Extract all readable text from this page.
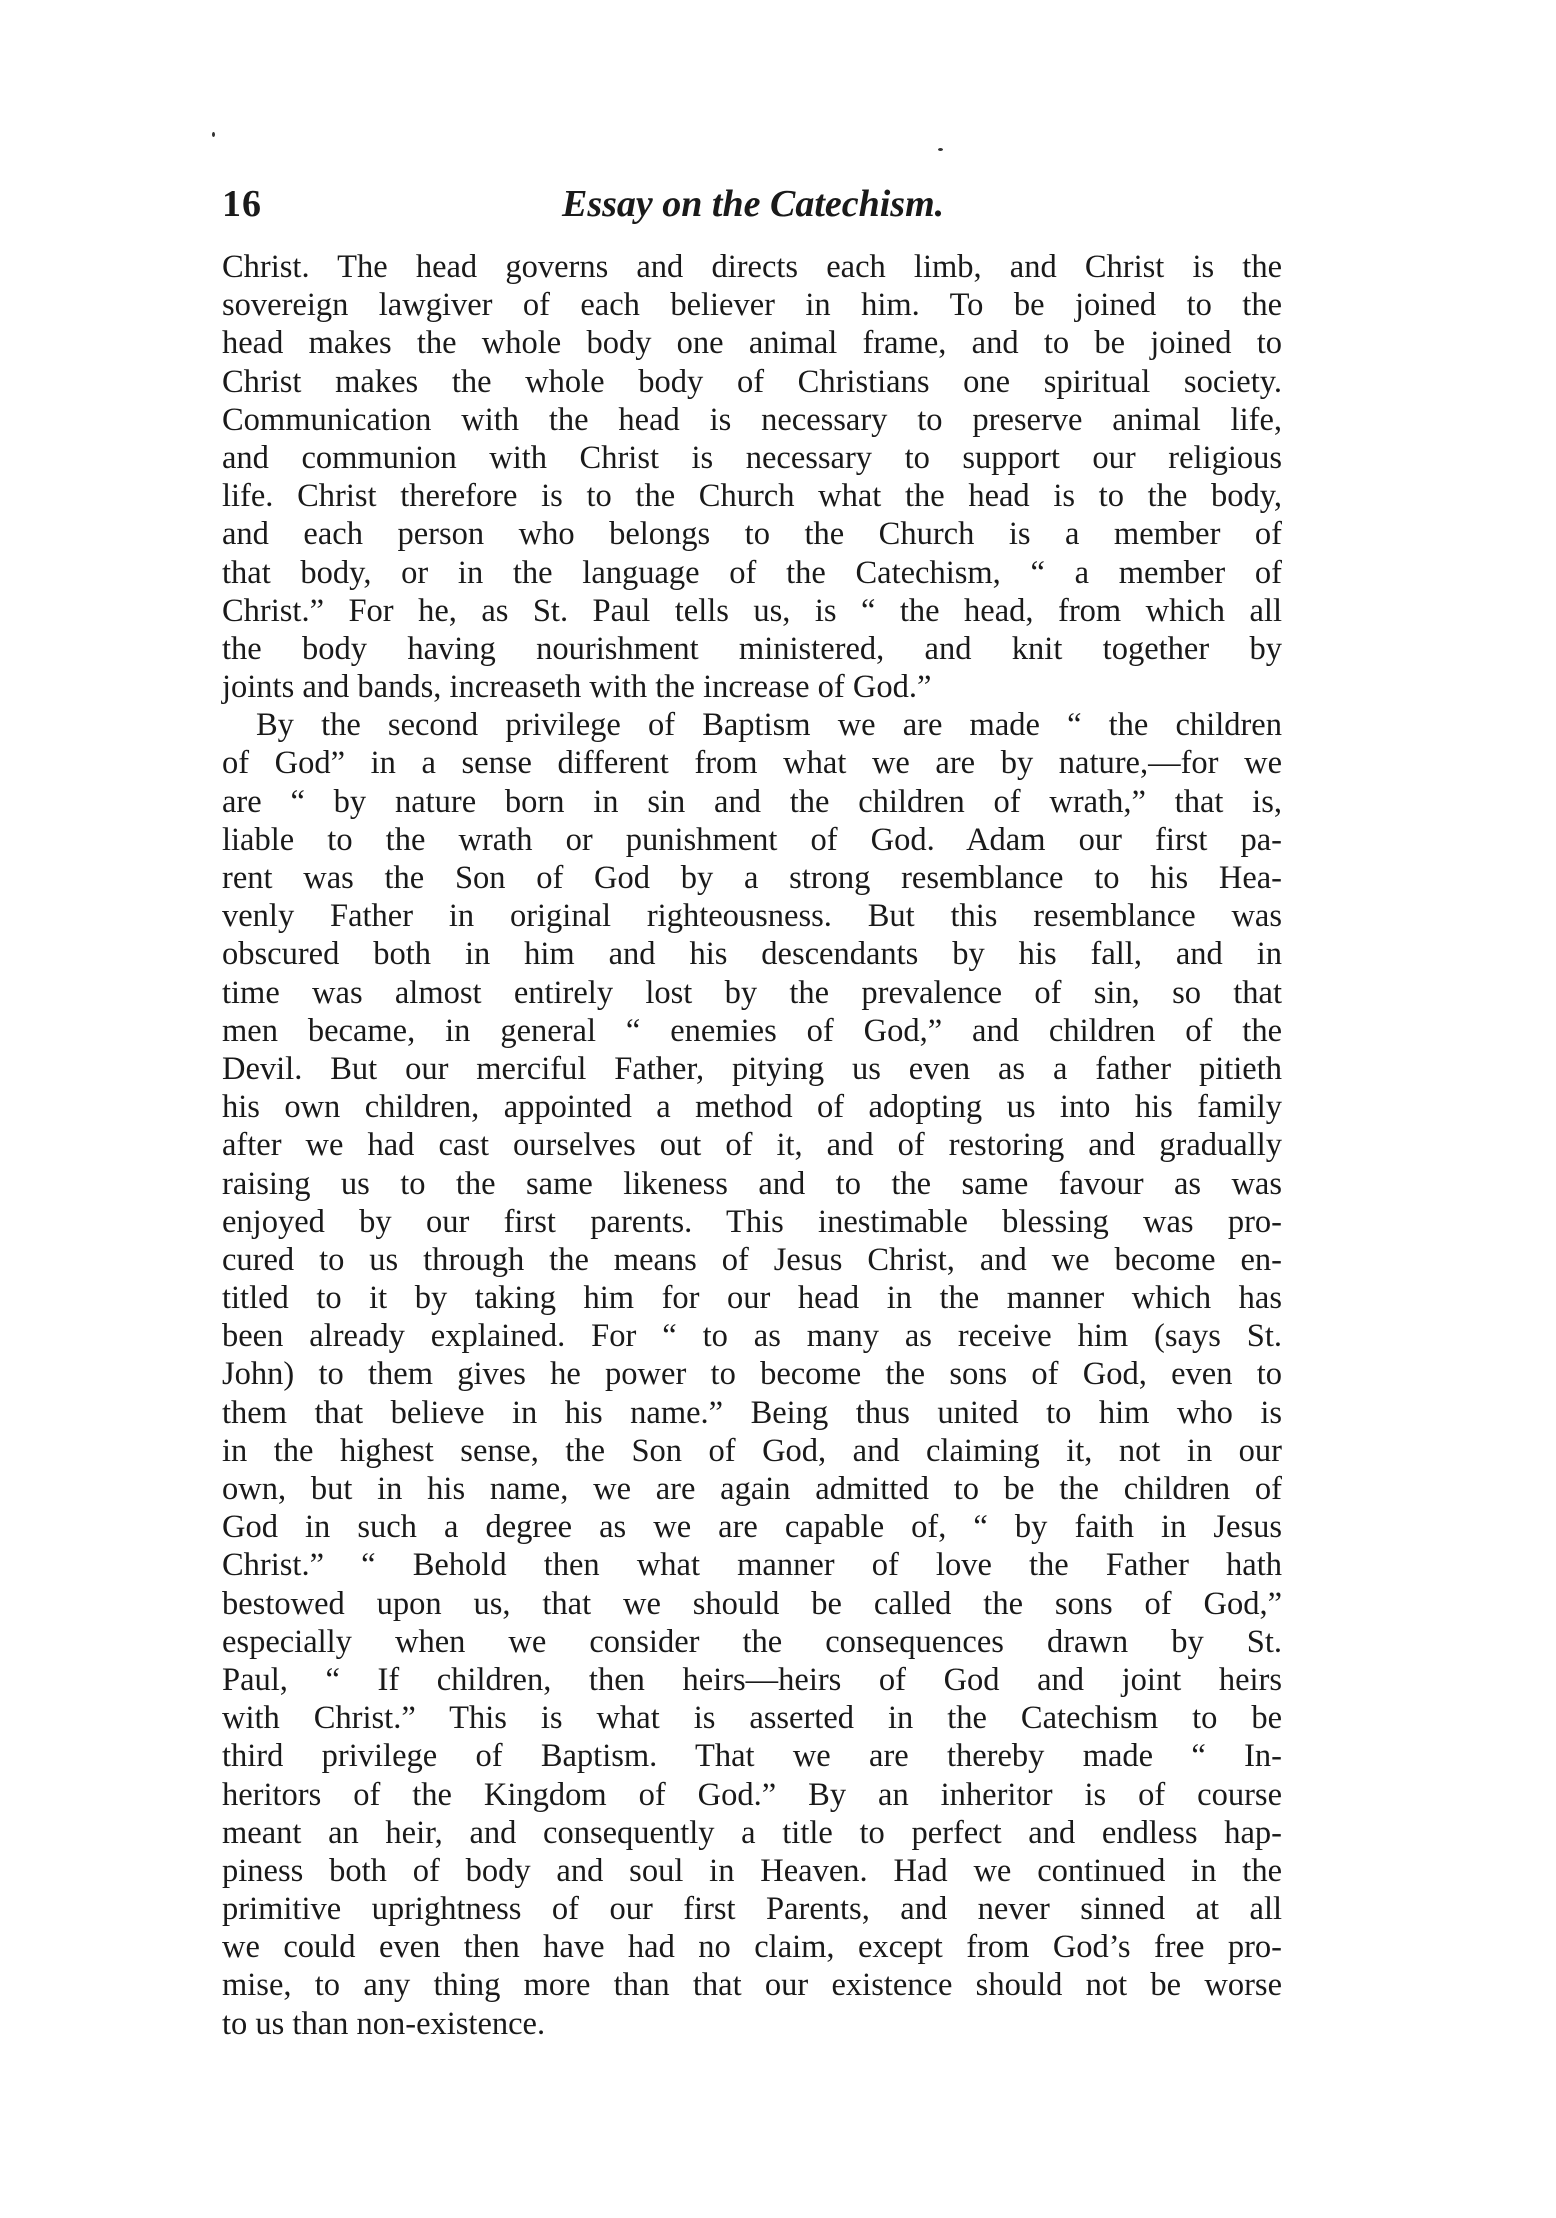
16	Essay on the Catechism.
Christ. The head governs and directs each limb, and Christ is the
sovereign lawgiver of each believer in him. To be joined to the
head makes the whole body one animal frame, and to be joined to
Christ makes the whole body of Christians one spiritual society.
Communication with the head is necessary to preserve animal life,
and communion with Christ is necessary to support our religious
life. Christ therefore is to the Church what the head is to the body,
and each person who belongs to the Church is a member of
that body, or in the language of the Catechism, “ a member of
Christ.” For he, as St. Paul tells us, is “ the head, from which all
the body having nourishment ministered, and knit together by
joints and bands, increaseth with the increase of God.”
By the second privilege of Baptism we are made “ the children
of God” in a sense different from what we are by nature,—for we
are “ by nature born in sin and the children of wrath,” that is,
liable to the wrath or punishment of God. Adam our first pa-
rent was the Son of God by a strong resemblance to his Hea-
venly Father in original righteousness. But this resemblance was
obscured both in him and his descendants by his fall, and in
time was almost entirely lost by the prevalence of sin, so that
men became, in general “ enemies of God,” and children of the
Devil. But our merciful Father, pitying us even as a father pitieth
his own children, appointed a method of adopting us into his family
after we had cast ourselves out of it, and of restoring and gradually
raising us to the same likeness and to the same favour as was
enjoyed by our first parents. This inestimable blessing was pro-
cured to us through the means of Jesus Christ, and we become en-
titled to it by taking him for our head in the manner which has
been already explained. For “ to as many as receive him (says St.
John) to them gives he power to become the sons of God, even to
them that believe in his name.” Being thus united to him who is
in the highest sense, the Son of God, and claiming it, not in our
own, but in his name, we are again admitted to be the children of
God in such a degree as we are capable of, “ by faith in Jesus
Christ.” “ Behold then what manner of love the Father hath
bestowed upon us, that we should be called the sons of God,”
especially when we consider the consequences drawn by St.
Paul, “ If children, then heirs—heirs of God and joint heirs
with Christ.” This is what is asserted in the Catechism to be
third privilege of Baptism. That we are thereby made “ In-
heritors of the Kingdom of God.” By an inheritor is of course
meant an heir, and consequently a title to perfect and endless hap-
piness both of body and soul in Heaven. Had we continued in the
primitive uprightness of our first Parents, and never sinned at all
we could even then have had no claim, except from God’s free pro-
mise, to any thing more than that our existence should not be worse
to us than non-existence.
